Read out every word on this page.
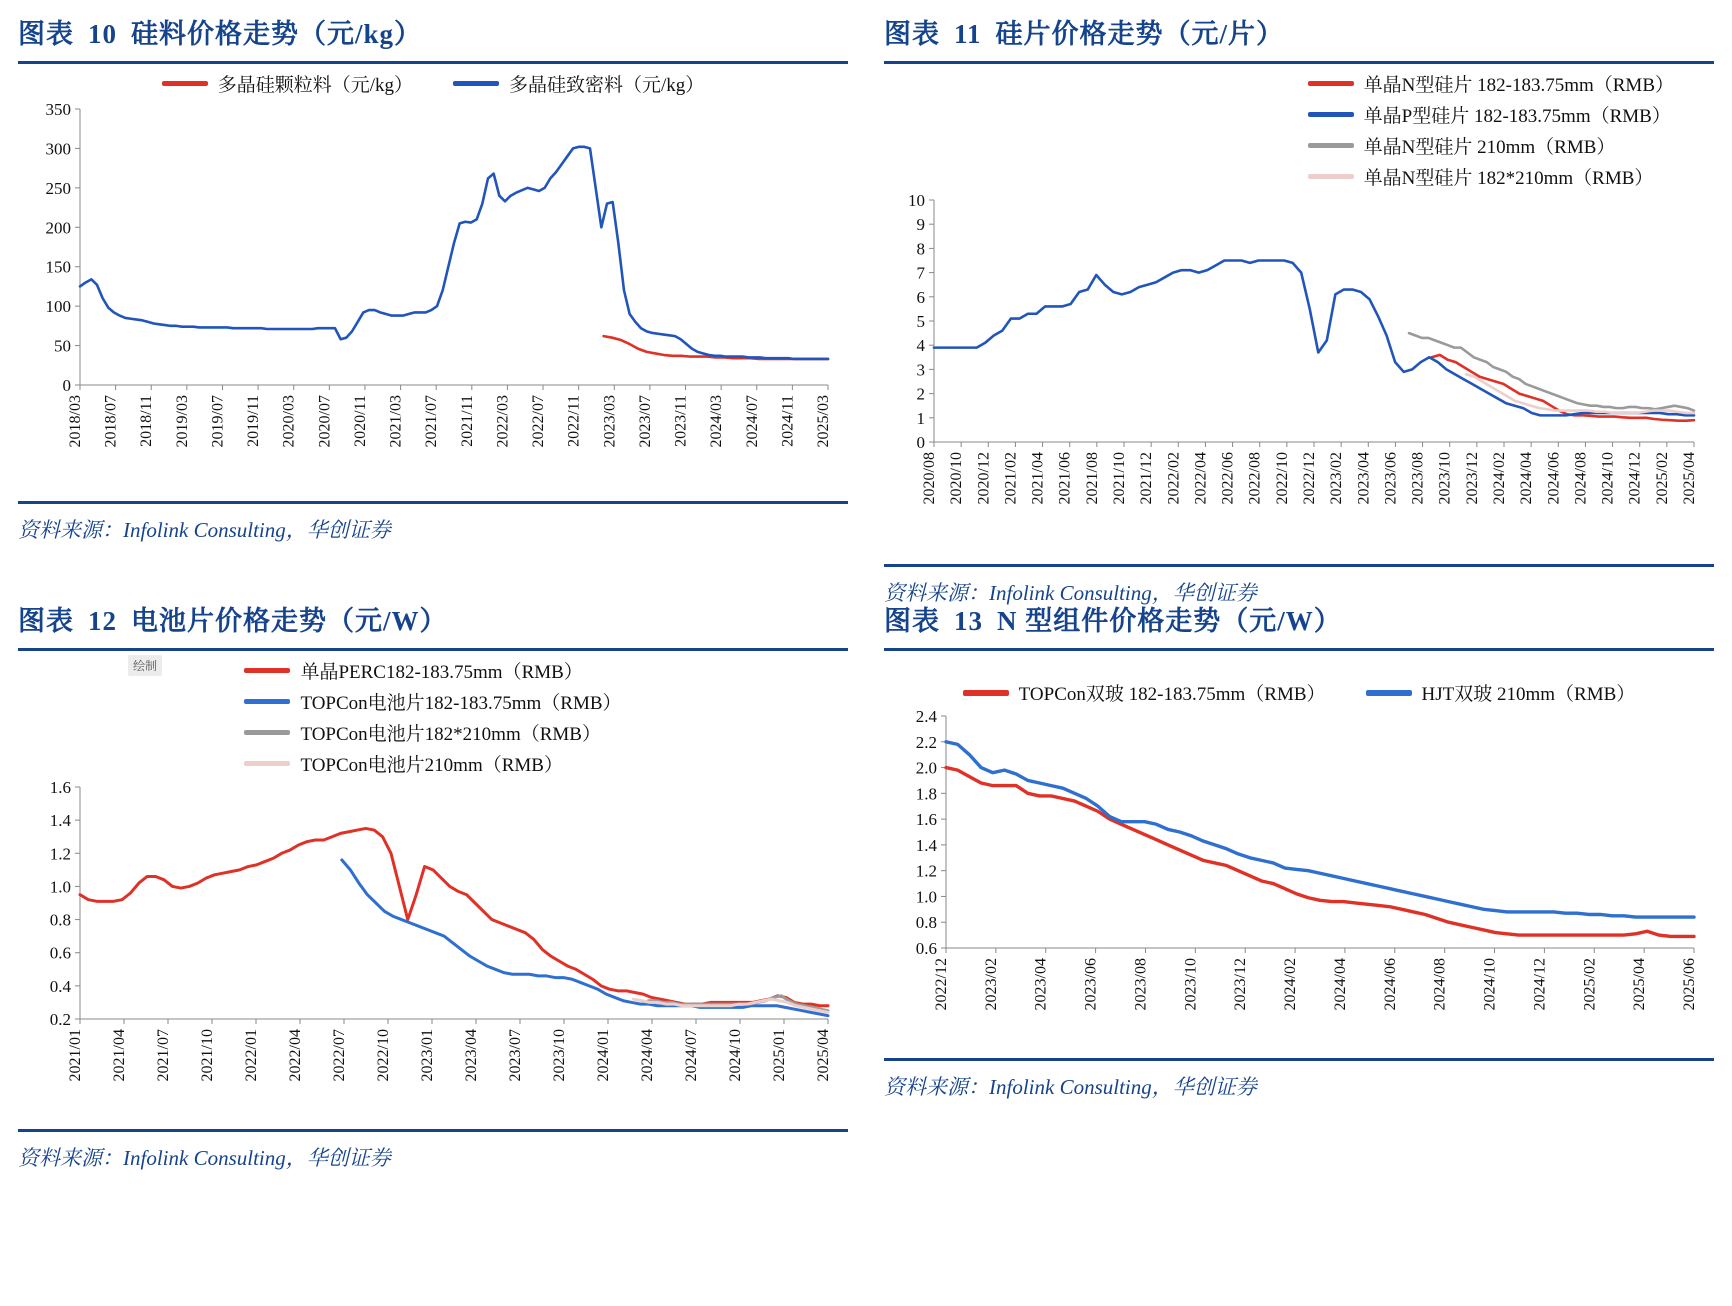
图表 10 硅料价格走势（元/kg）
多晶硅颗粒料（元/kg）	多晶硅致密料（元/kg）
0
50
100
150
200
250
300
350
2018/03 2018/07 2018/11 2019/03 2019/07 2019/11 2020/03 2020/07 2020/11 2021/03 2021/07 2021/11 2022/03 2022/07 2022/11 2023/03 2023/07 2023/11 2024/03 2024/07 2024/11 2025/03
资料来源：Infolink Consulting，华创证券
图表 11 硅片价格走势（元/片）
单晶N型硅片 182-183.75mm（RMB）
单晶P型硅片 182-183.75mm（RMB）
单晶N型硅片 210mm（RMB）
单晶N型硅片 182*210mm（RMB）
0
1
2
3
4
5
6
7
8
9
10
2020/08 2020/10 2020/12 2021/02 2021/04 2021/06 2021/08 2021/10 2021/12 2022/02 2022/04 2022/06 2022/08 2022/10 2022/12 2023/02 2023/04 2023/06 2023/08 2023/10 2023/12 2024/02 2024/04 2024/06 2024/08 2024/10 2024/12 2025/02 2025/04
资料来源：Infolink Consulting，华创证券
图表 12 电池片价格走势（元/W）
绘制	单晶PERC182-183.75mm（RMB）
TOPCon电池片182-183.75mm（RMB）
TOPCon电池片182*210mm（RMB）
TOPCon电池片210mm（RMB）
0.2
0.4
0.6
0.8
1.0
1.2
1.4
1.6
2021/01 2021/04 2021/07 2021/10 2022/01 2022/04 2022/07 2022/10 2023/01 2023/04 2023/07 2023/10 2024/01 2024/04 2024/07 2024/10 2025/01 2025/04
资料来源：Infolink Consulting，华创证券
图表 13 N 型组件价格走势（元/W）
TOPCon双玻 182-183.75mm（RMB）	HJT双玻 210mm（RMB）
0.6
0.8
1.0
1.2
1.4
1.6
1.8
2.0
2.2
2.4
2022/12 2023/02 2023/04 2023/06 2023/08 2023/10 2023/12 2024/02 2024/04 2024/06 2024/08 2024/10 2024/12 2025/02 2025/04 2025/06
资料来源：Infolink Consulting，华创证券
